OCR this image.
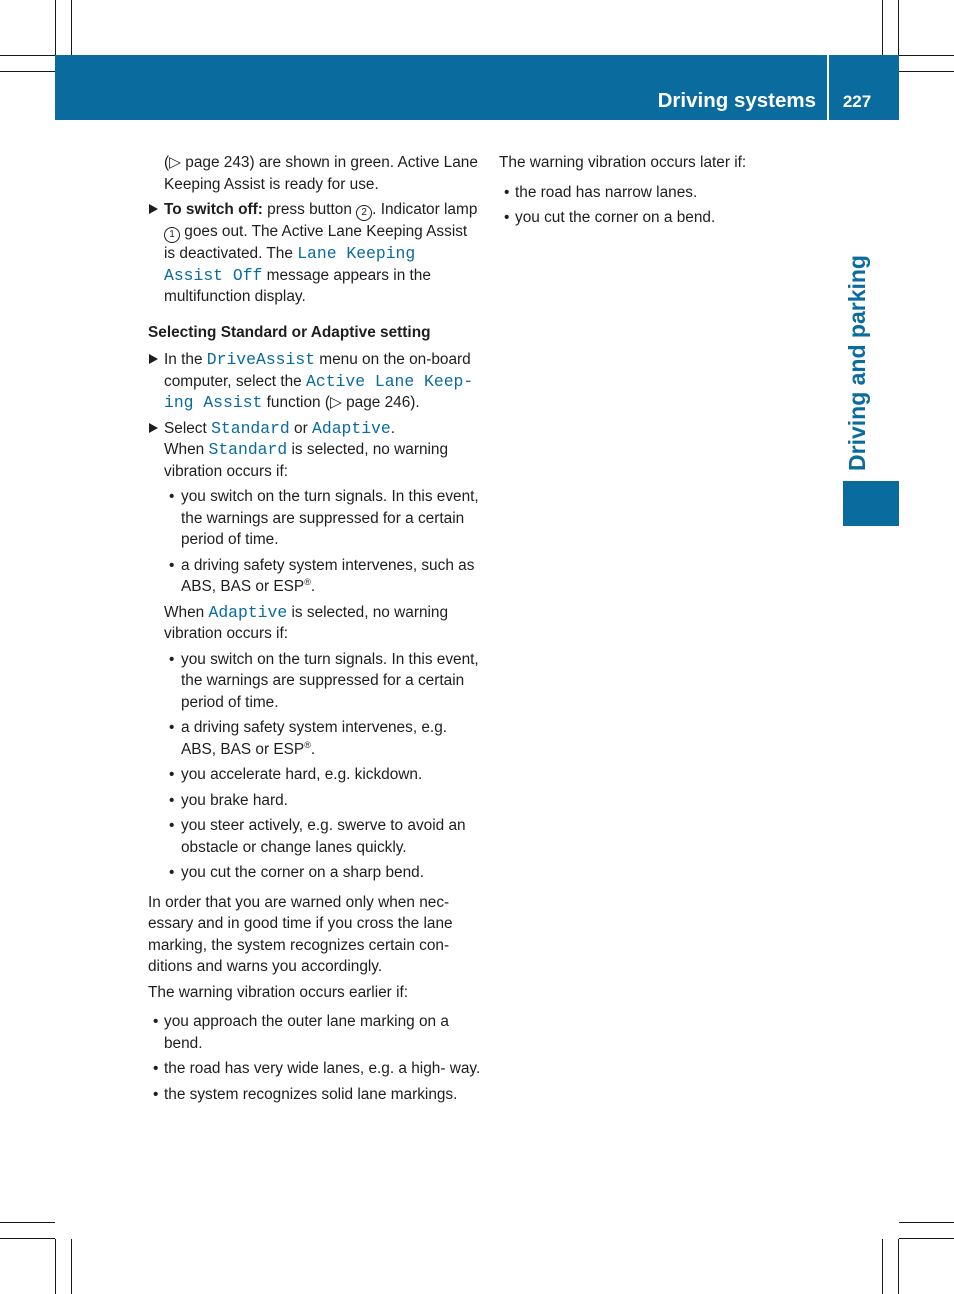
Driving systems 227
Driving and parking

(▷ page 243) are shown in green. Active Lane Keeping Assist is ready for use.

To switch off: press button 2 . Indicator lamp 1 goes out. The Active Lane Keeping Assist is deactivated. The Lane Keeping Assist Off message appears in the multifunction display.
Selecting Standard or Adaptive setting
In the DriveAssist menu on the on-board computer, select the Active Lane Keep‑ ing Assist function (▷ page 246).
Select Standard or Adaptive.
When Standard is selected, no warning vibration occurs if:
• you switch on the turn signals. In this event, the warnings are suppressed for a certain period of time.
• a driving safety system intervenes, such as ABS, BAS or ESP®.

When Adaptive is selected, no warning vibration occurs if:

• you switch on the turn signals. In this event, the warnings are suppressed for a certain period of time.
• a driving safety system intervenes, e.g. ABS, BAS or ESP®.
• you accelerate hard, e.g. kickdown.
• you brake hard.
• you steer actively, e.g. swerve to avoid an obstacle or change lanes quickly.
• you cut the corner on a sharp bend.

In order that you are warned only when nec‑ essary and in good time if you cross the lane marking, the system recognizes certain con‑ ditions and warns you accordingly.

The warning vibration occurs earlier if:

• you approach the outer lane marking on a bend.
• the road has very wide lanes, e.g. a high‑ way.
• the system recognizes solid lane markings.

The warning vibration occurs later if:

• the road has narrow lanes.
• you cut the corner on a bend.
